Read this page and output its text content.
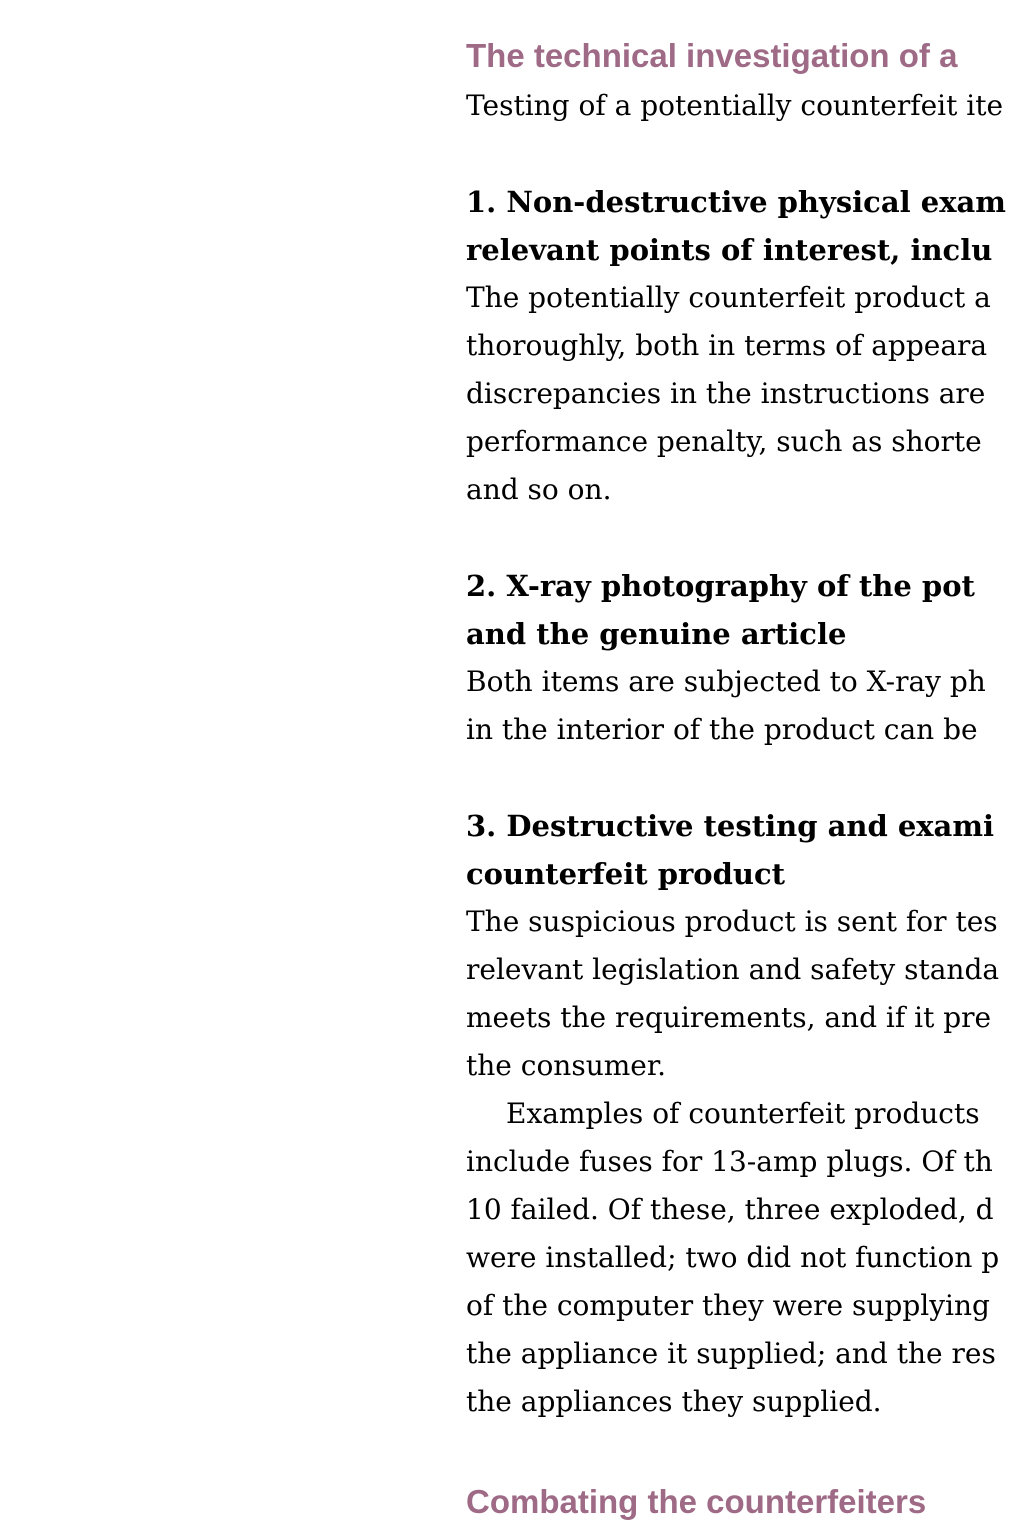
The technical investigation of a

Testing of a potentially counterfeit ite

1. Non-destructive physical exam
relevant points of interest, inclu

The potentially counterfeit product a
thoroughly, both in terms of appeara
discrepancies in the instructions are
performance penalty, such as shorte
and so on.

2. X-ray photography of the pot
and the genuine article

Both items are subjected to X-ray ph
in the interior of the product can be

3. Destructive testing and exami
counterfeit product

The suspicious product is sent for tes
relevant legislation and safety standa
meets the requirements, and if it pre
the consumer.

Examples of counterfeit products
include fuses for 13-amp plugs. Of th
10 failed. Of these, three exploded, d
were installed; two did not function p
of the computer they were supplying
the appliance it supplied; and the res
the appliances they supplied.

Combating the counterfeiters
